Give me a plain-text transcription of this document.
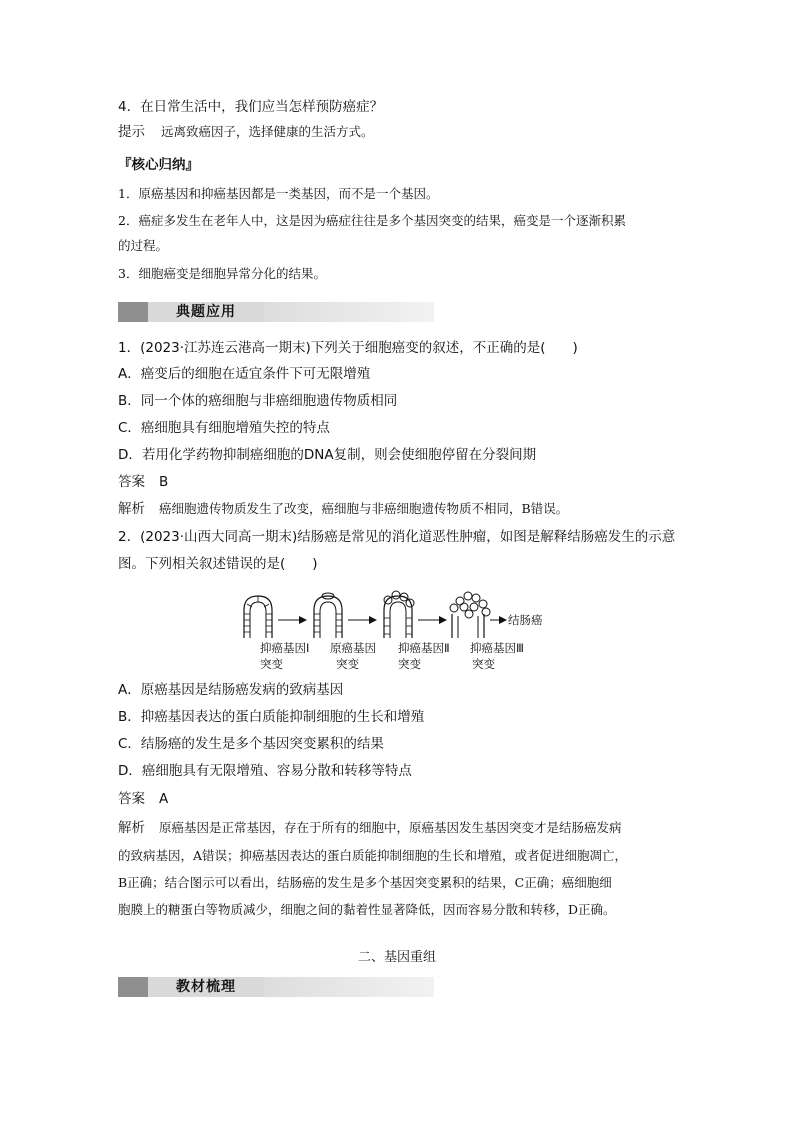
4．在日常生活中，我们应当怎样预防癌症？
提示 远离致癌因子，选择健康的生活方式。
『核心归纳』
1．原癌基因和抑癌基因都是一类基因，而不是一个基因。
2．癌症多发生在老年人中，这是因为癌症往往是多个基因突变的结果，癌变是一个逐渐积累
的过程。
3．细胞癌变是细胞异常分化的结果。
典题应用
1．(2023·江苏连云港高一期末)下列关于细胞癌变的叙述，不正确的是(　　)
A．癌变后的细胞在适宜条件下可无限增殖
B．同一个体的癌细胞与非癌细胞遗传物质相同
C．癌细胞具有细胞增殖失控的特点
D．若用化学药物抑制癌细胞的DNA复制，则会使细胞停留在分裂间期
答案 B
解析 癌细胞遗传物质发生了改变，癌细胞与非癌细胞遗传物质不相同，B错误。
2．(2023·山西大同高一期末)结肠癌是常见的消化道恶性肿瘤，如图是解释结肠癌发生的示意
图。下列相关叙述错误的是(　　)
结肠癌
抑癌基因Ⅰ
突变
原癌基因
突变
抑癌基因Ⅱ
突变
抑癌基因Ⅲ
突变
A．原癌基因是结肠癌发病的致病基因
B．抑癌基因表达的蛋白质能抑制细胞的生长和增殖
C．结肠癌的发生是多个基因突变累积的结果
D．癌细胞具有无限增殖、容易分散和转移等特点
答案 A
解析 原癌基因是正常基因，存在于所有的细胞中，原癌基因发生基因突变才是结肠癌发病
的致病基因，A错误；抑癌基因表达的蛋白质能抑制细胞的生长和增殖，或者促进细胞凋亡，
B正确；结合图示可以看出，结肠癌的发生是多个基因突变累积的结果，C正确；癌细胞细
胞膜上的糖蛋白等物质减少，细胞之间的黏着性显著降低，因而容易分散和转移，D正确。
二、基因重组
教材梳理
